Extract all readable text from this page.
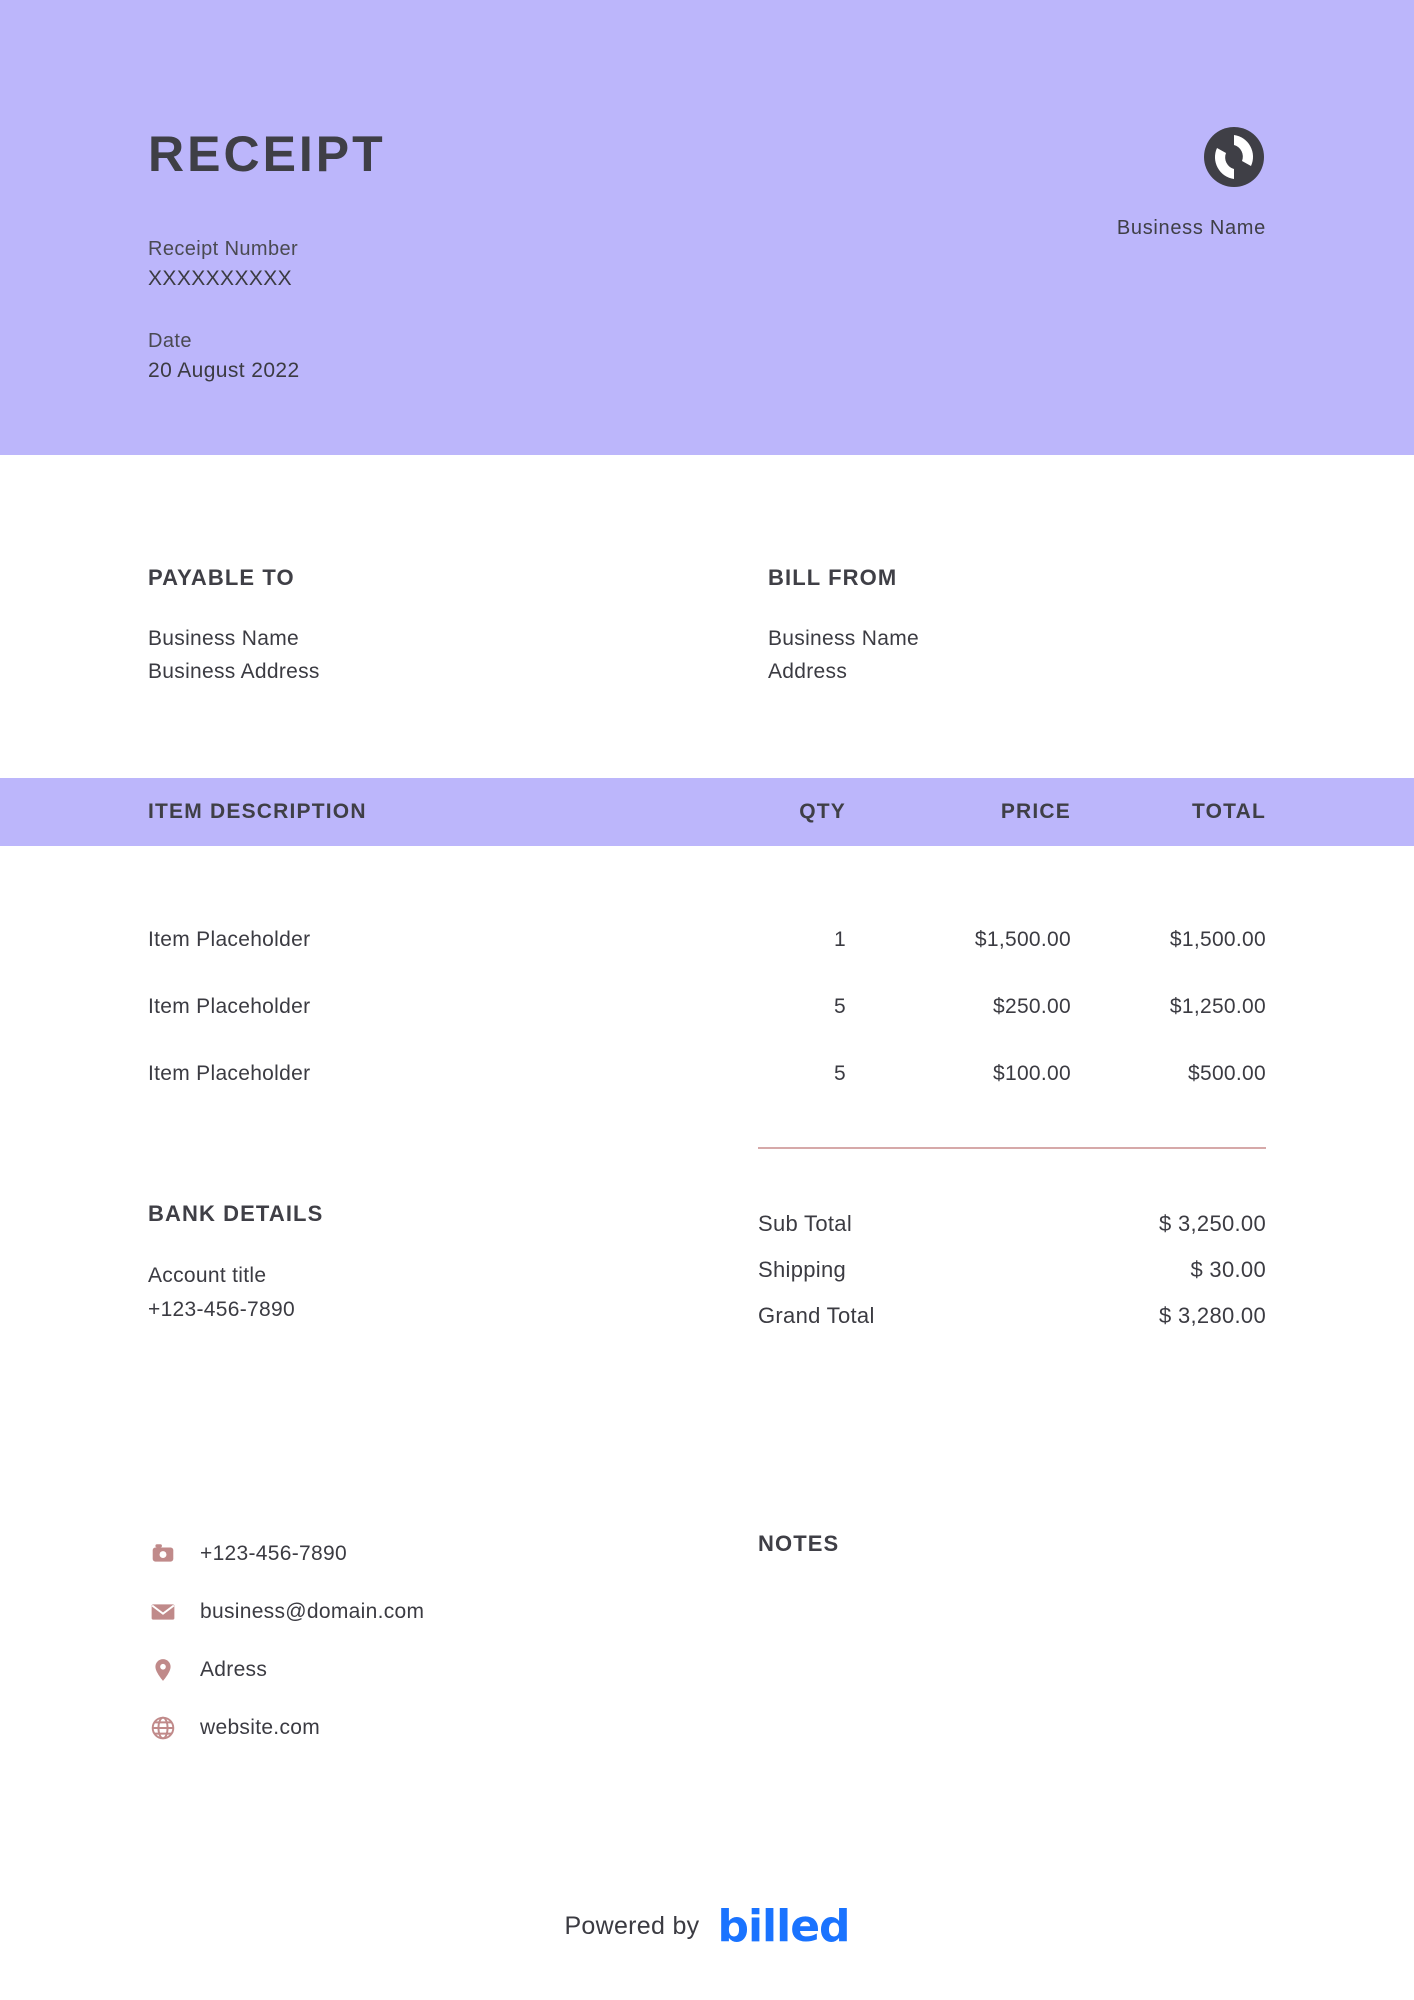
RECEIPT
Receipt Number
XXXXXXXXXX
Date
20 August 2022
Business Name
PAYABLE TO
Business Name
Business Address
BILL FROM
Business Name
Address
ITEM DESCRIPTION	QTY	PRICE	TOTAL
Item Placeholder	1	$1,500.00	$1,500.00
Item Placeholder	5	$250.00	$1,250.00
Item Placeholder	5	$100.00	$500.00
BANK DETAILS
Account title
+123-456-7890
Sub Total	$ 3,250.00
Shipping	$ 30.00
Grand Total	$ 3,280.00
+123-456-7890
business@domain.com
Adress
website.com
NOTES
Powered by billed
